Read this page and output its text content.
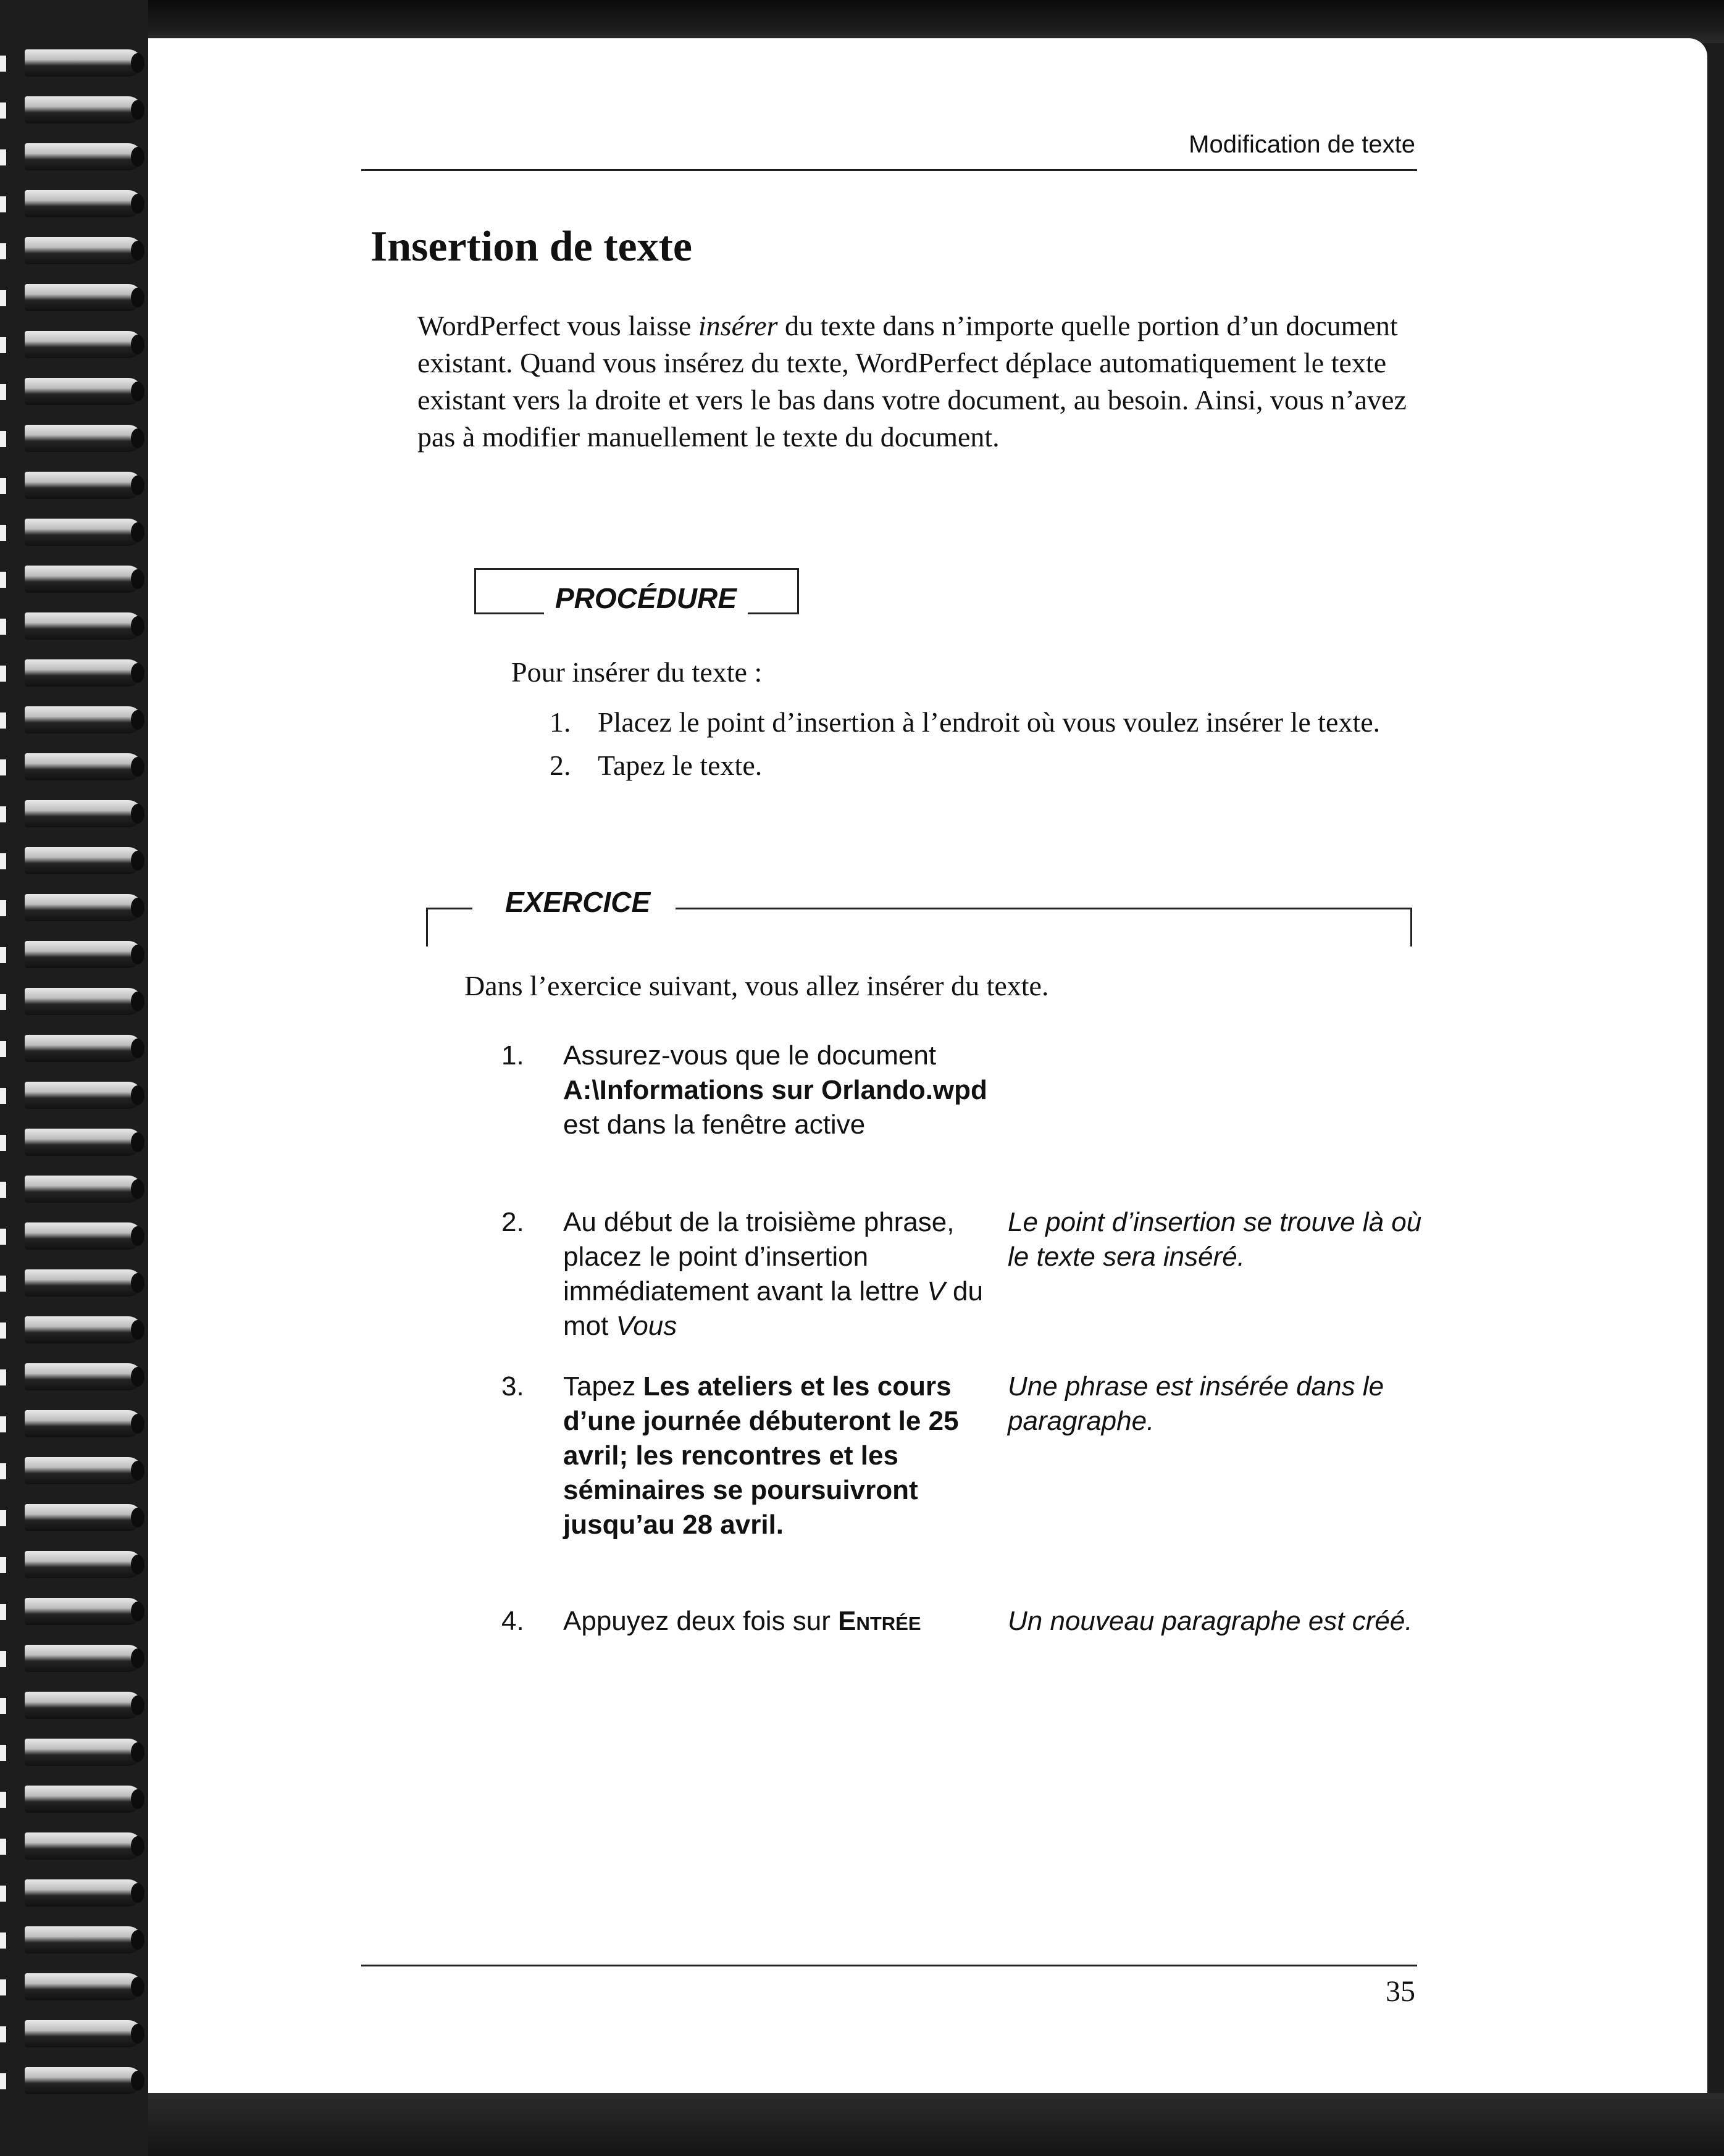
Modification de texte
Insertion de texte

WordPerfect vous laisse insérer du texte dans n’importe quelle portion d’un document existant. Quand vous insérez du texte, WordPerfect déplace automatiquement le texte existant vers la droite et vers le bas dans votre document, au besoin. Ainsi, vous n’avez pas à modifier manuellement le texte du document.

PROCÉDURE

Pour insérer du texte :

1. Placez le point d’insertion à l’endroit où vous voulez insérer le texte.
2. Tapez le texte.
EXERCICE

Dans l’exercice suivant, vous allez insérer du texte.

1. Assurez-vous que le document A:\Informations sur Orlando.wpd est dans la fenêtre active
2. Au début de la troisième phrase, placez le point d’insertion immédiatement avant la lettre V du mot Vous
Le point d’insertion se trouve là où le texte sera inséré.
3. Tapez Les ateliers et les cours d’une journée débuteront le 25 avril; les rencontres et les séminaires se poursuivront jusqu’au 28 avril.
Une phrase est insérée dans le paragraphe.
4. Appuyez deux fois sur Entrée	Un nouveau paragraphe est créé.
35
